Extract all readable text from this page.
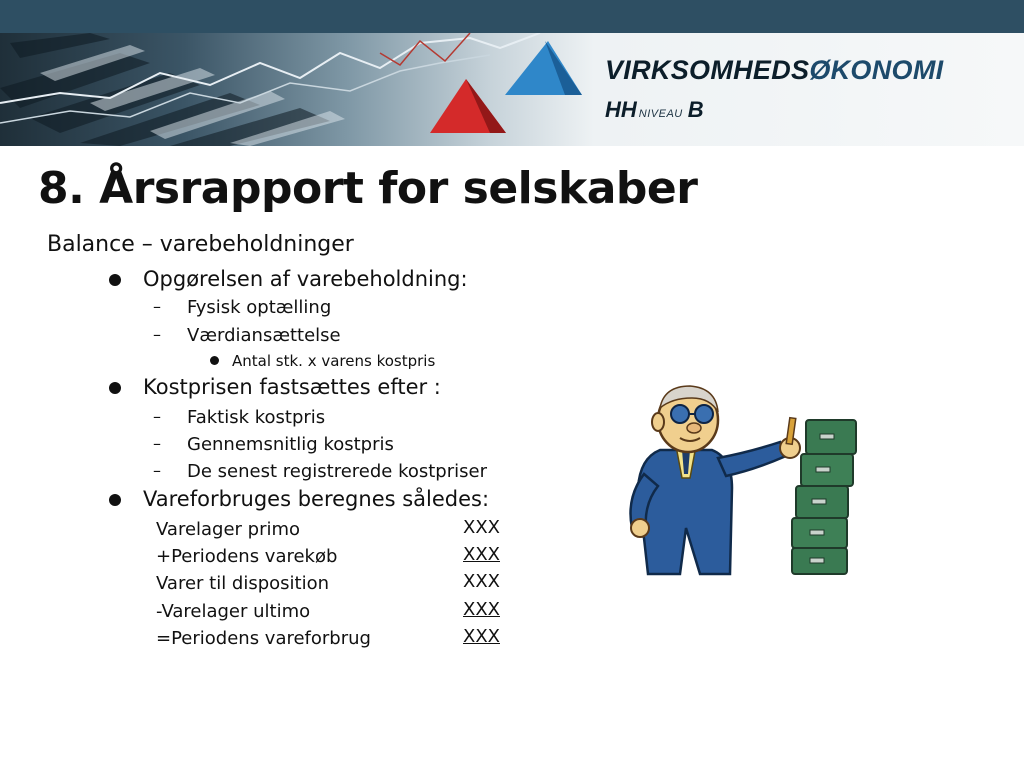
VIRKSOMHEDSØKONOMI
HH NIVEAU B
8. Årsrapport for selskaber
Balance – varebeholdninger
Opgørelsen af varebeholdning:
– Fysisk optælling
– Værdiansættelse
Antal stk. x varens kostpris
Kostprisen fastsættes efter :
– Faktisk kostpris
– Gennemsnitlig kostpris
– De senest registrerede kostpriser
Vareforbruges beregnes således:
Varelager primo	XXX
+Periodens varekøb	XXX
Varer til disposition	XXX
-Varelager ultimo	XXX
=Periodens vareforbrug	XXX
